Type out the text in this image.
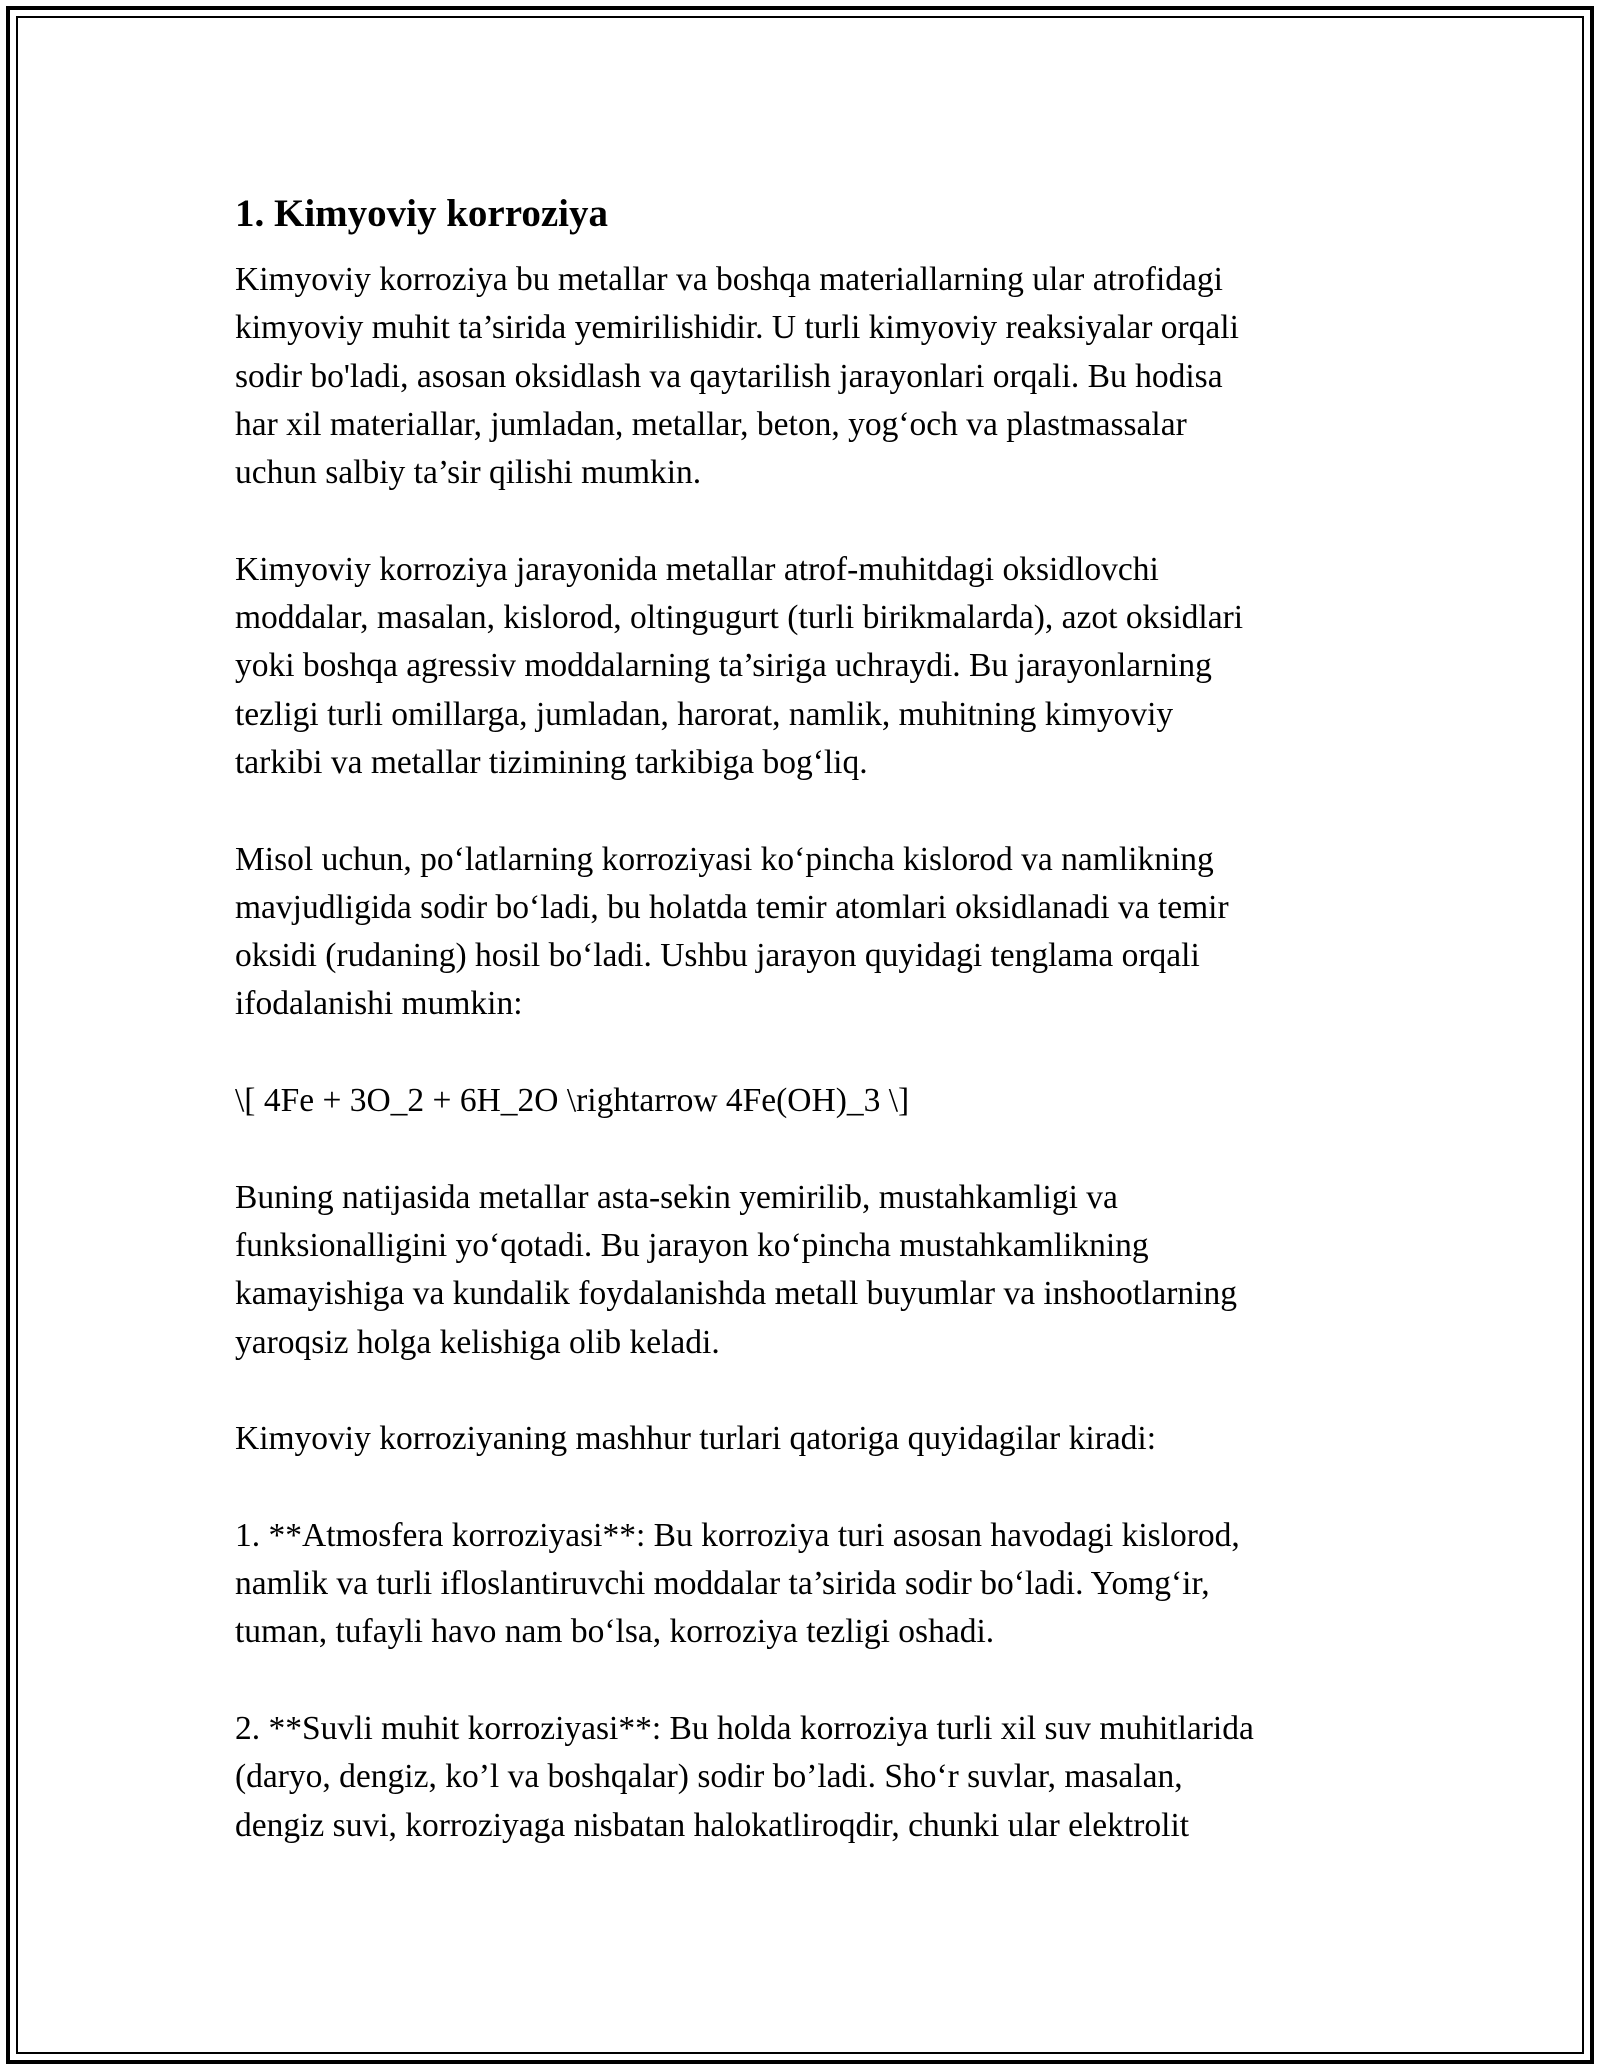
1. Kimyoviy korroziya

Kimyoviy korroziya bu metallar va boshqa materiallarning ular atrofidagi
kimyoviy muhit ta’sirida yemirilishidir. U turli kimyoviy reaksiyalar orqali
sodir bo'ladi, asosan oksidlash va qaytarilish jarayonlari orqali. Bu hodisa
har xil materiallar, jumladan, metallar, beton, yog‘och va plastmassalar
uchun salbiy ta’sir qilishi mumkin.

Kimyoviy korroziya jarayonida metallar atrof-muhitdagi oksidlovchi
moddalar, masalan, kislorod, oltingugurt (turli birikmalarda), azot oksidlari
yoki boshqa agressiv moddalarning ta’siriga uchraydi. Bu jarayonlarning
tezligi turli omillarga, jumladan, harorat, namlik, muhitning kimyoviy
tarkibi va metallar tizimining tarkibiga bog‘liq.

Misol uchun, po‘latlarning korroziyasi ko‘pincha kislorod va namlikning
mavjudligida sodir bo‘ladi, bu holatda temir atomlari oksidlanadi va temir
oksidi (rudaning) hosil bo‘ladi. Ushbu jarayon quyidagi tenglama orqali
ifodalanishi mumkin:

\[ 4Fe + 3O_2 + 6H_2O \rightarrow 4Fe(OH)_3 \]

Buning natijasida metallar asta-sekin yemirilib, mustahkamligi va
funksionalligini yo‘qotadi. Bu jarayon ko‘pincha mustahkamlikning
kamayishiga va kundalik foydalanishda metall buyumlar va inshootlarning
yaroqsiz holga kelishiga olib keladi.

Kimyoviy korroziyaning mashhur turlari qatoriga quyidagilar kiradi:

1. **Atmosfera korroziyasi**: Bu korroziya turi asosan havodagi kislorod,
namlik va turli ifloslantiruvchi moddalar ta’sirida sodir bo‘ladi. Yomg‘ir,
tuman, tufayli havo nam bo‘lsa, korroziya tezligi oshadi.

2. **Suvli muhit korroziyasi**: Bu holda korroziya turli xil suv muhitlarida
(daryo, dengiz, ko’l va boshqalar) sodir bo’ladi. Sho‘r suvlar, masalan,
dengiz suvi, korroziyaga nisbatan halokatliroqdir, chunki ular elektrolit
